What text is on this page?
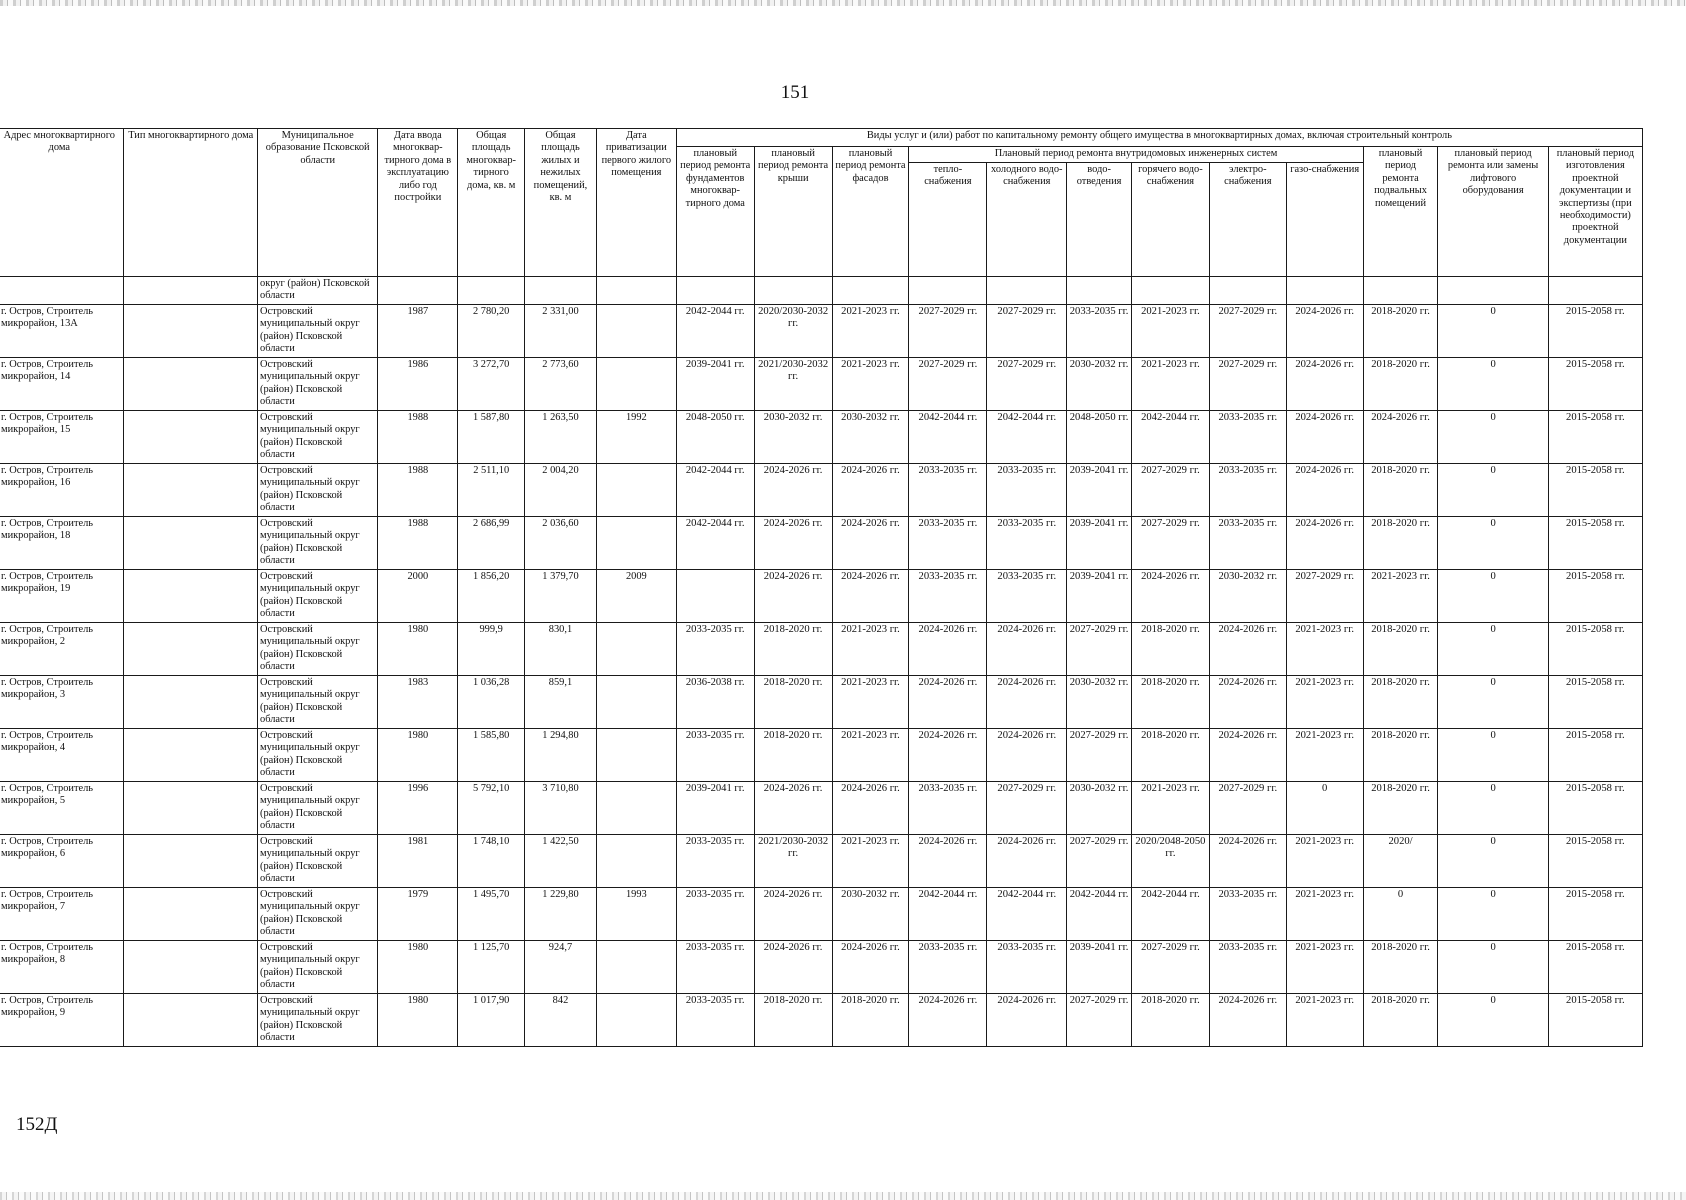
151
Адрес многоквартирного дома	Тип многоквартирного дома	Муниципальное образование Псковской области	Дата ввода многоквар-тирного дома в эксплуатацию либо год постройки	Общая площадь многоквар-тирного дома, кв. м	Общая площадь жилых и нежилых помещений, кв. м	Дата приватизации первого жилого помещения	Виды услуг и (или) работ по капитальному ремонту общего имущества в многоквартирных домах, включая строительный контроль											
							плановый период ремонта фундаментов многоквар-тирного дома	плановый период ремонта крыши	плановый период ремонта фасадов	Плановый период ремонта внутридомовых инженерных систем						плановый период ремонта подвальных помещений	плановый период ремонта или замены лифтового оборудования	плановый период изготовления проектной документации и экспертизы (при необходимости) проектной документации
										тепло-снабжения	холодного водо-снабжения	водо-отведения	горячего водо-снабжения	электро-снабжения	газо-снабжения			
		округ (район) Псковской области																
г. Остров, Строитель микрорайон, 13А		Островский муниципальный округ (район) Псковской области	1987	2 780,20	2 331,00		2042-2044 гг.	2020/2030-2032 гг.	2021-2023 гг.	2027-2029 гг.	2027-2029 гг.	2033-2035 гг.	2021-2023 гг.	2027-2029 гг.	2024-2026 гг.	2018-2020 гг.	0	2015-2058 гг.
г. Остров, Строитель микрорайон, 14		Островский муниципальный округ (район) Псковской области	1986	3 272,70	2 773,60		2039-2041 гг.	2021/2030-2032 гг.	2021-2023 гг.	2027-2029 гг.	2027-2029 гг.	2030-2032 гг.	2021-2023 гг.	2027-2029 гг.	2024-2026 гг.	2018-2020 гг.	0	2015-2058 гг.
г. Остров, Строитель микрорайон, 15		Островский муниципальный округ (район) Псковской области	1988	1 587,80	1 263,50	1992	2048-2050 гг.	2030-2032 гг.	2030-2032 гг.	2042-2044 гг.	2042-2044 гг.	2048-2050 гг.	2042-2044 гг.	2033-2035 гг.	2024-2026 гг.	2024-2026 гг.	0	2015-2058 гг.
г. Остров, Строитель микрорайон, 16		Островский муниципальный округ (район) Псковской области	1988	2 511,10	2 004,20		2042-2044 гг.	2024-2026 гг.	2024-2026 гг.	2033-2035 гг.	2033-2035 гг.	2039-2041 гг.	2027-2029 гг.	2033-2035 гг.	2024-2026 гг.	2018-2020 гг.	0	2015-2058 гг.
г. Остров, Строитель микрорайон, 18		Островский муниципальный округ (район) Псковской области	1988	2 686,99	2 036,60		2042-2044 гг.	2024-2026 гг.	2024-2026 гг.	2033-2035 гг.	2033-2035 гг.	2039-2041 гг.	2027-2029 гг.	2033-2035 гг.	2024-2026 гг.	2018-2020 гг.	0	2015-2058 гг.
г. Остров, Строитель микрорайон, 19		Островский муниципальный округ (район) Псковской области	2000	1 856,20	1 379,70	2009		2024-2026 гг.	2024-2026 гг.	2033-2035 гг.	2033-2035 гг.	2039-2041 гг.	2024-2026 гг.	2030-2032 гг.	2027-2029 гг.	2021-2023 гг.	0	2015-2058 гг.
г. Остров, Строитель микрорайон, 2		Островский муниципальный округ (район) Псковской области	1980	999,9	830,1		2033-2035 гг.	2018-2020 гг.	2021-2023 гг.	2024-2026 гг.	2024-2026 гг.	2027-2029 гг.	2018-2020 гг.	2024-2026 гг.	2021-2023 гг.	2018-2020 гг.	0	2015-2058 гг.
г. Остров, Строитель микрорайон, 3		Островский муниципальный округ (район) Псковской области	1983	1 036,28	859,1		2036-2038 гг.	2018-2020 гг.	2021-2023 гг.	2024-2026 гг.	2024-2026 гг.	2030-2032 гг.	2018-2020 гг.	2024-2026 гг.	2021-2023 гг.	2018-2020 гг.	0	2015-2058 гг.
г. Остров, Строитель микрорайон, 4		Островский муниципальный округ (район) Псковской области	1980	1 585,80	1 294,80		2033-2035 гг.	2018-2020 гг.	2021-2023 гг.	2024-2026 гг.	2024-2026 гг.	2027-2029 гг.	2018-2020 гг.	2024-2026 гг.	2021-2023 гг.	2018-2020 гг.	0	2015-2058 гг.
г. Остров, Строитель микрорайон, 5		Островский муниципальный округ (район) Псковской области	1996	5 792,10	3 710,80		2039-2041 гг.	2024-2026 гг.	2024-2026 гг.	2033-2035 гг.	2027-2029 гг.	2030-2032 гг.	2021-2023 гг.	2027-2029 гг.	0	2018-2020 гг.	0	2015-2058 гг.
г. Остров, Строитель микрорайон, 6		Островский муниципальный округ (район) Псковской области	1981	1 748,10	1 422,50		2033-2035 гг.	2021/2030-2032 гг.	2021-2023 гг.	2024-2026 гг.	2024-2026 гг.	2027-2029 гг.	2020/2048-2050 гг.	2024-2026 гг.	2021-2023 гг.	2020/	0	2015-2058 гг.
г. Остров, Строитель микрорайон, 7		Островский муниципальный округ (район) Псковской области	1979	1 495,70	1 229,80	1993	2033-2035 гг.	2024-2026 гг.	2030-2032 гг.	2042-2044 гг.	2042-2044 гг.	2042-2044 гг.	2042-2044 гг.	2033-2035 гг.	2021-2023 гг.	0	0	2015-2058 гг.
г. Остров, Строитель микрорайон, 8		Островский муниципальный округ (район) Псковской области	1980	1 125,70	924,7		2033-2035 гг.	2024-2026 гг.	2024-2026 гг.	2033-2035 гг.	2033-2035 гг.	2039-2041 гг.	2027-2029 гг.	2033-2035 гг.	2021-2023 гг.	2018-2020 гг.	0	2015-2058 гг.
г. Остров, Строитель микрорайон, 9		Островский муниципальный округ (район) Псковской области	1980	1 017,90	842		2033-2035 гг.	2018-2020 гг.	2018-2020 гг.	2024-2026 гг.	2024-2026 гг.	2027-2029 гг.	2018-2020 гг.	2024-2026 гг.	2021-2023 гг.	2018-2020 гг.	0	2015-2058 гг.
152Д
